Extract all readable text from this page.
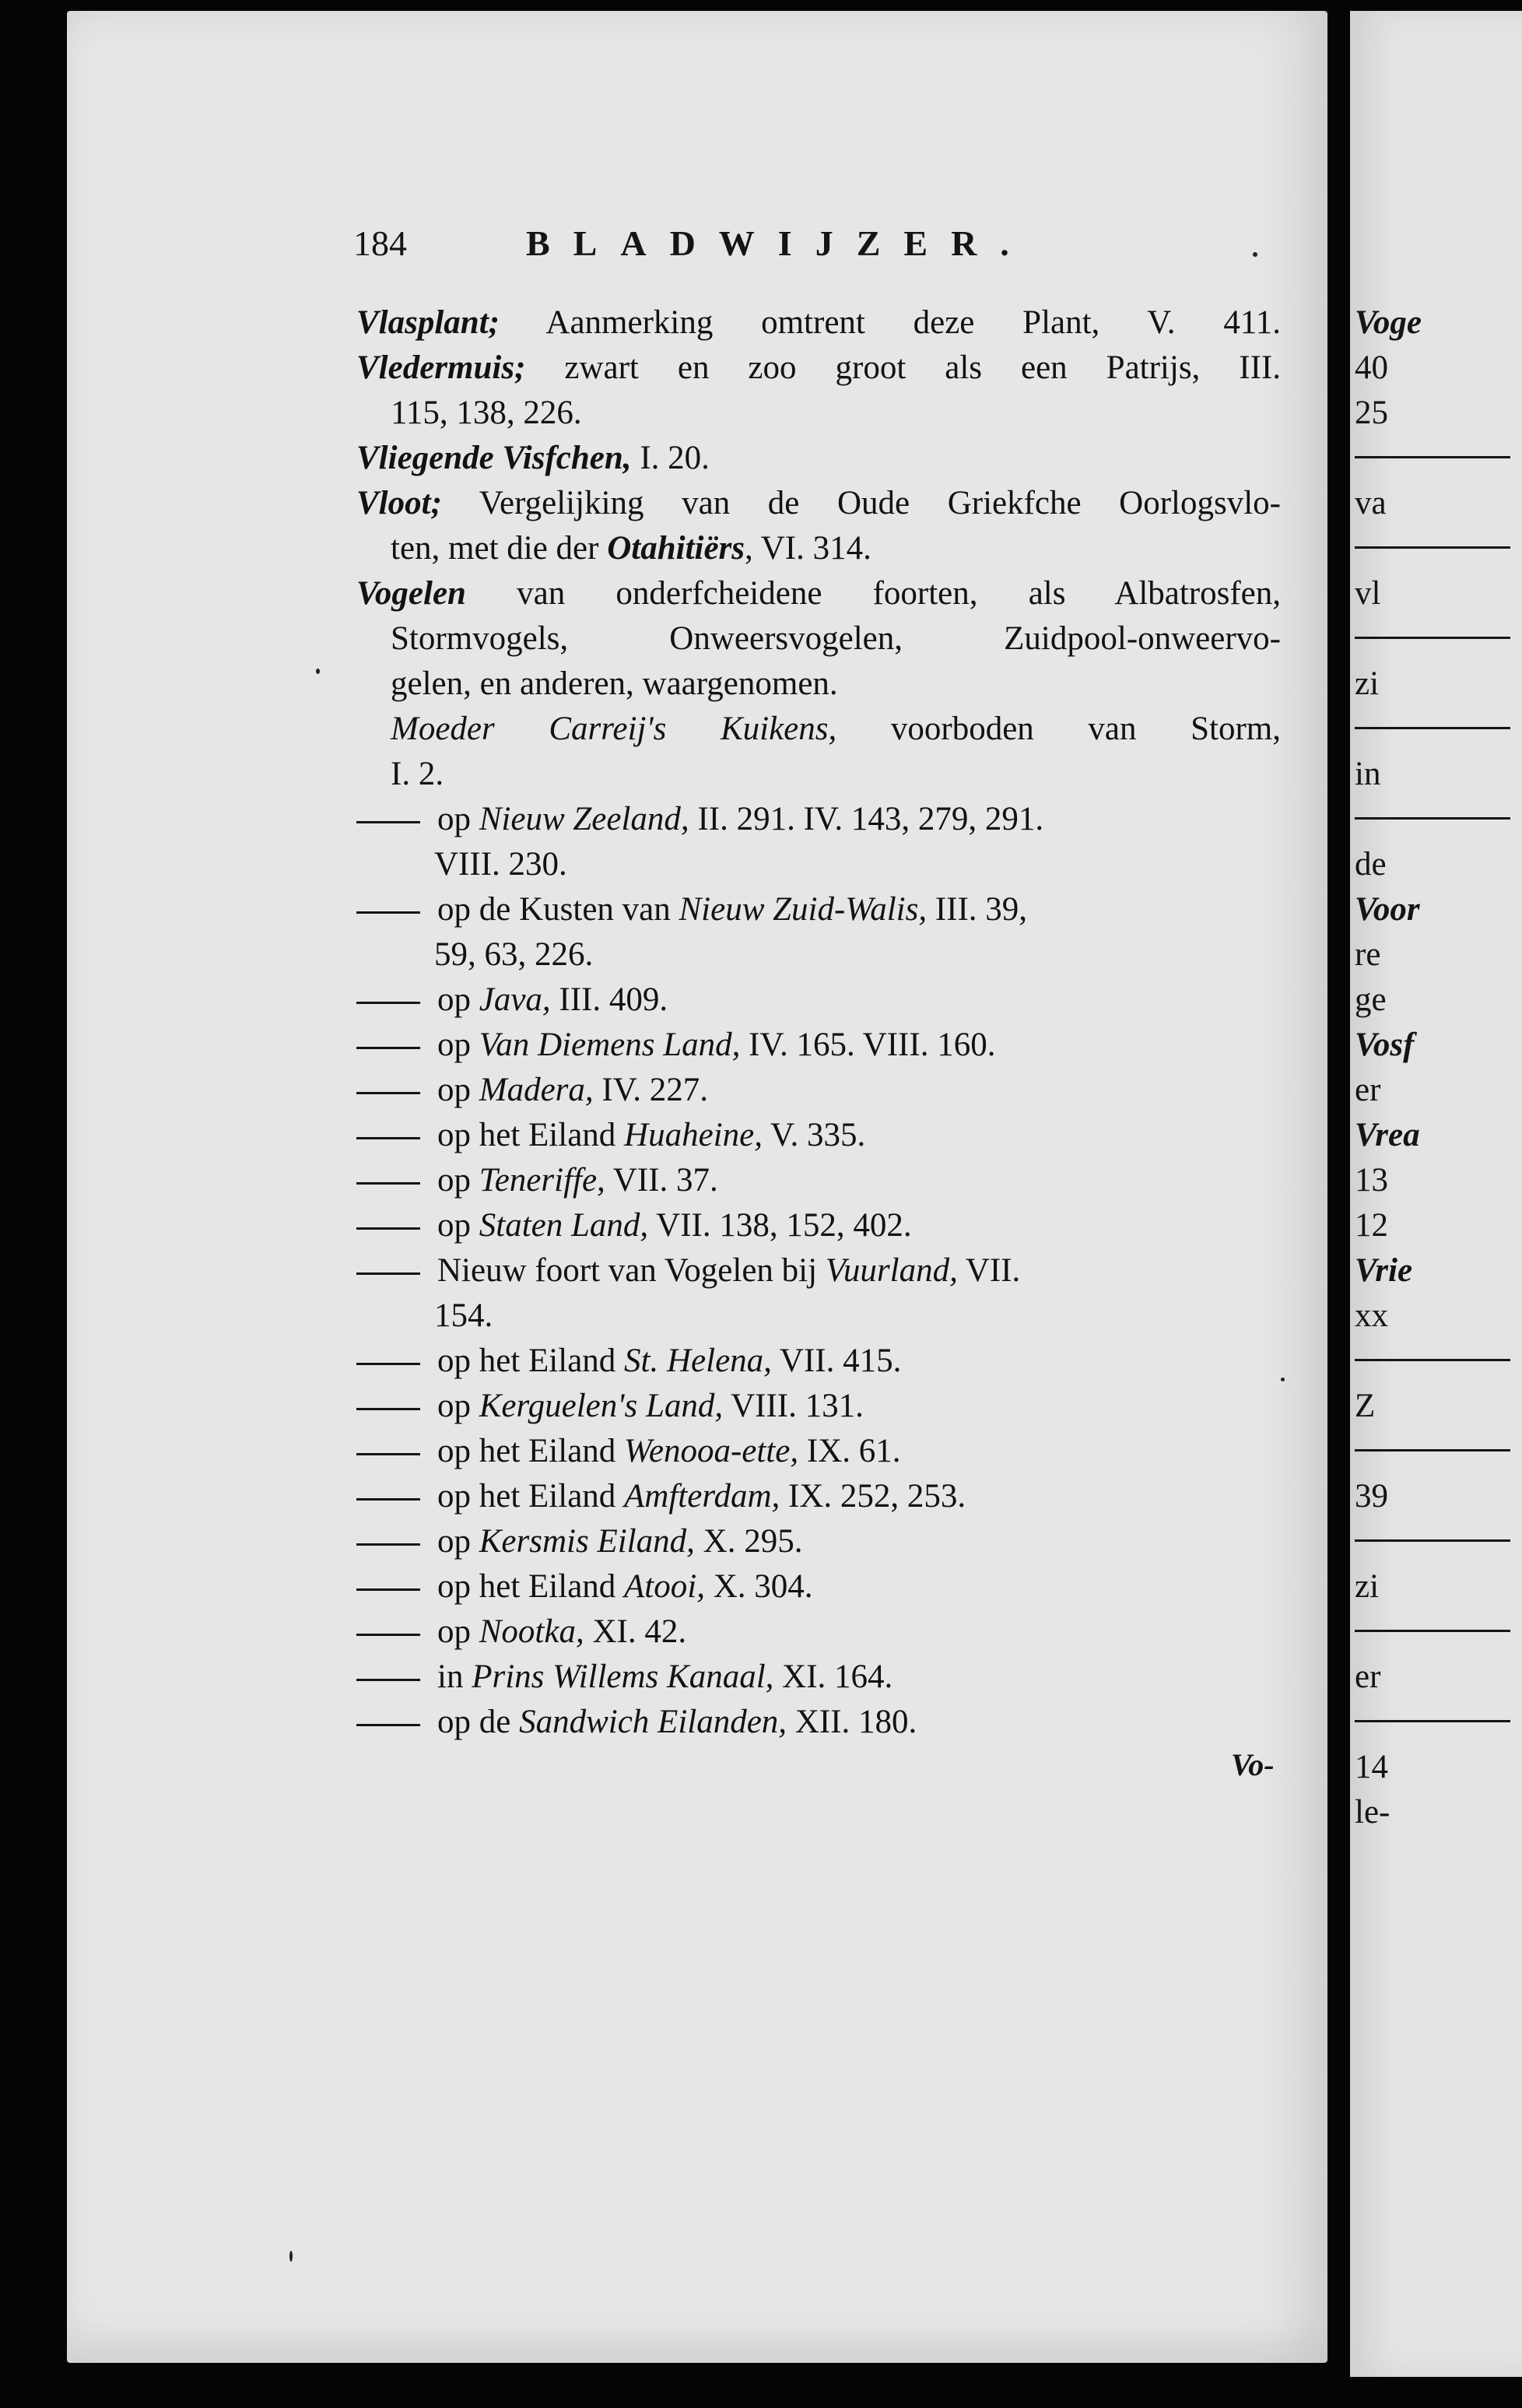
184	BLADWIJZER.
Vlasplant; Aanmerking omtrent deze Plant, V. 411.
Vledermuis; zwart en zoo groot als een Patrijs, III.
115, 138, 226.
Vliegende Visfchen, I. 20.
Vloot; Vergelijking van de Oude Griekfche Oorlogsvlo-
ten, met die der Otahitiërs, VI. 314.
Vogelen van onderfcheidene foorten, als Albatrosfen,
Stormvogels, Onweersvogelen, Zuidpool-onweervo-
gelen, en anderen, waargenomen.
Moeder Carreij's Kuikens, voorboden van Storm,
I. 2.
op Nieuw Zeeland, II. 291. IV. 143, 279, 291.
VIII. 230.
op de Kusten van Nieuw Zuid-Walis, III. 39,
59, 63, 226.
op Java, III. 409.
op Van Diemens Land, IV. 165. VIII. 160.
op Madera, IV. 227.
op het Eiland Huaheine, V. 335.
op Teneriffe, VII. 37.
op Staten Land, VII. 138, 152, 402.
Nieuw foort van Vogelen bij Vuurland, VII.
154.
op het Eiland St. Helena, VII. 415.
op Kerguelen's Land, VIII. 131.
op het Eiland Wenooa-ette, IX. 61.
op het Eiland Amfterdam, IX. 252, 253.
op Kersmis Eiland, X. 295.
op het Eiland Atooi, X. 304.
op Nootka, XI. 42.
in Prins Willems Kanaal, XI. 164.
op de Sandwich Eilanden, XII. 180.
Vo-
Voge
40
25
va
vl
zi
in
de
Voor
re
ge
Vosf
er
Vrea
13
12
Vrie
xx
Z
39
zi
er
14
le-
